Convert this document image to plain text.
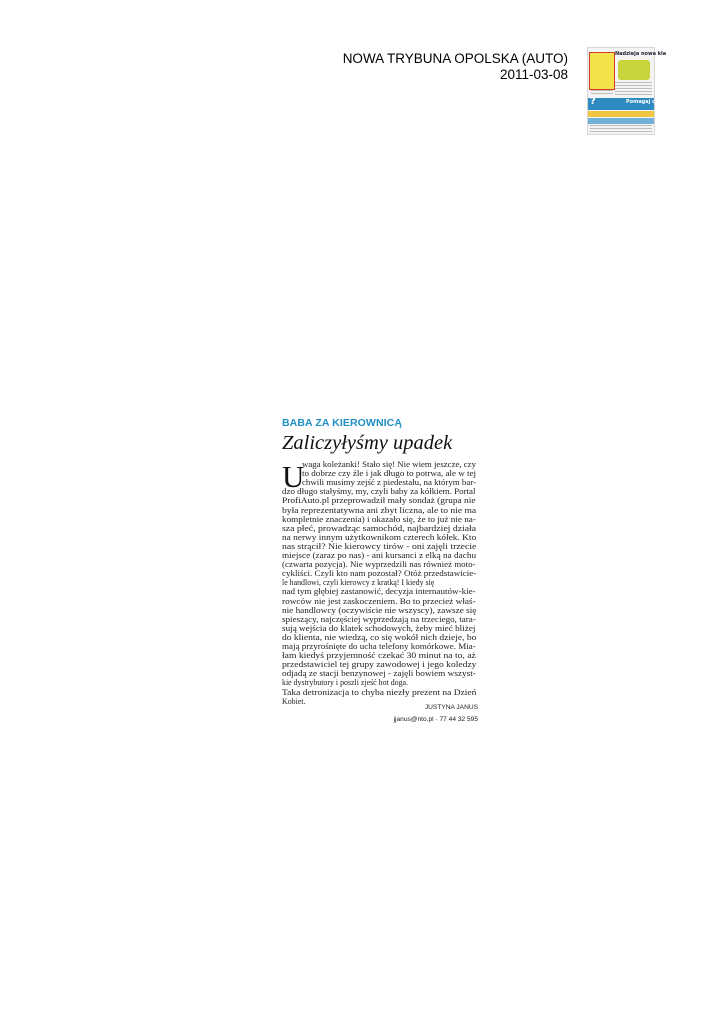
NOWA TRYBUNA OPOLSKA (AUTO)
2011-03-08
Nadzieja nowa kia
?	Pomagaj ci
BABA ZA KIEROWNICĄ
Zaliczyłyśmy upadek
U
waga koleżanki! Stało się! Nie wiem jeszcze, czy
to dobrze czy źle i jak długo to potrwa, ale w tej
chwili musimy zejść z piedestału, na którym bar-
dzo długo stałyśmy, my, czyli baby za kółkiem. Portal
ProfiAuto.pl przeprowadził mały sondaż (grupa nie
była reprezentatywna ani zbyt liczna, ale to nie ma
kompletnie znaczenia) i okazało się, że to już nie na-
sza płeć, prowadząc samochód, najbardziej działa
na nerwy innym użytkownikom czterech kółek. Kto
nas strącił? Nie kierowcy tirów - oni zajęli trzecie
miejsce (zaraz po nas) - ani kursanci z elką na dachu
(czwarta pozycja). Nie wyprzedzili nas również moto-
cykliści. Czyli kto nam pozostał? Otóż przedstawicie-
le handlowi, czyli kierowcy z kratką! I kiedy się
nad tym głębiej zastanowić, decyzja internautów-kie-
rowców nie jest zaskoczeniem. Bo to przecież właś-
nie handlowcy (oczywiście nie wszyscy), zawsze się
spieszący, najczęściej wyprzedzają na trzeciego, tara-
sują wejścia do klatek schodowych, żeby mieć bliżej
do klienta, nie wiedzą, co się wokół nich dzieje, bo
mają przyrośnięte do ucha telefony komórkowe. Mia-
łam kiedyś przyjemność czekać 30 minut na to, aż
przedstawiciel tej grupy zawodowej i jego koledzy
odjadą ze stacji benzynowej - zajęli bowiem wszyst-
kie dystrybutory i poszli zjeść hot doga.
Taka detronizacja to chyba niezły prezent na Dzień
Kobiet.
JUSTYNA JANUS
jjanus@nto.pl · 77 44 32 595
